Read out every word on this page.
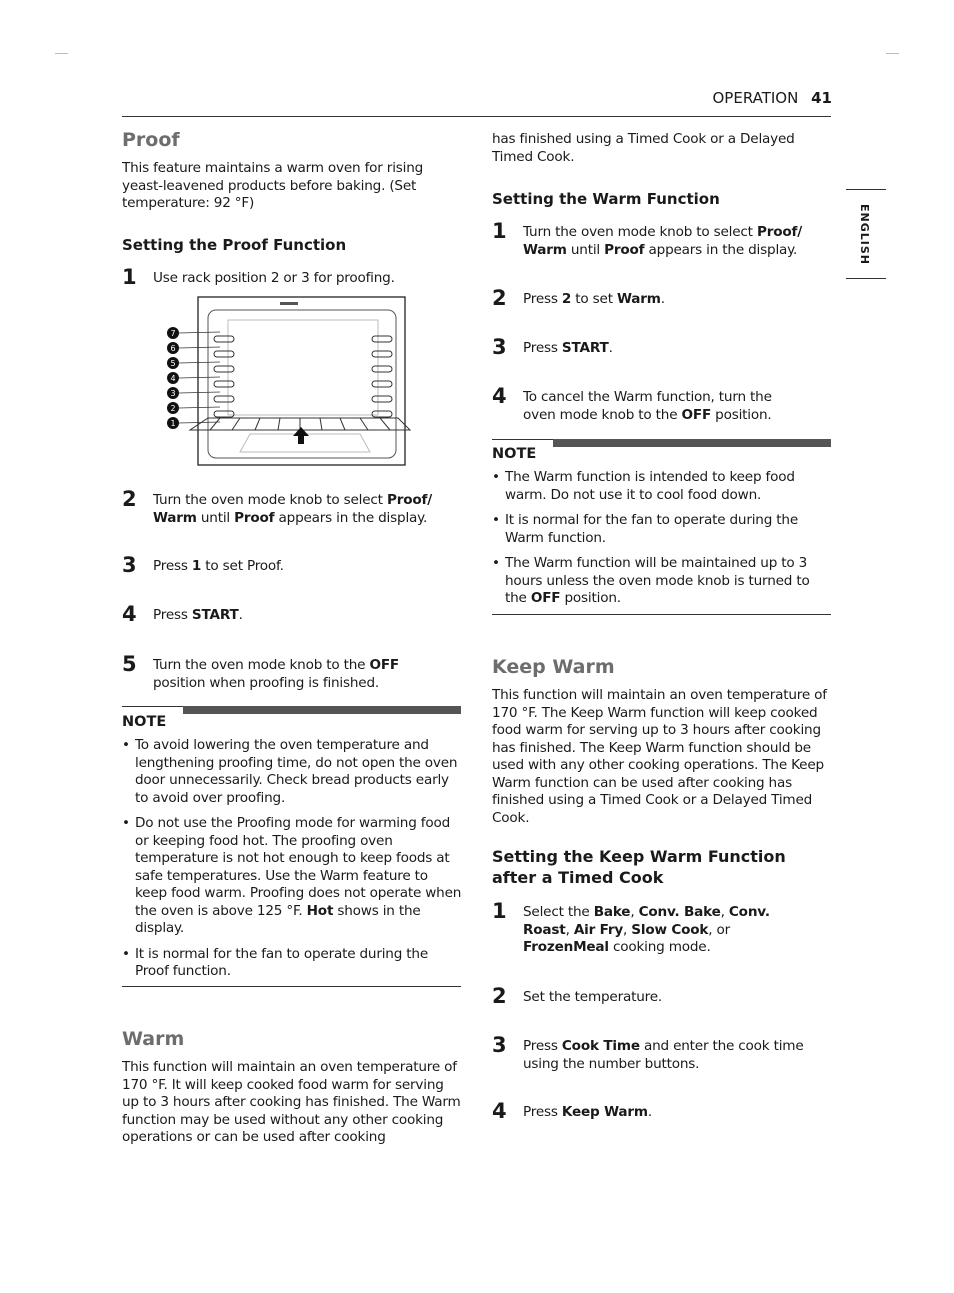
OPERATION 41
ENGLISH
Proof
This feature maintains a warm oven for rising yeast-leavened products before baking. (Set temperature: 92 °F)
Setting the Proof Function
1 Use rack position 2 or 3 for proofing.
7
6
5
4
3
2
1
2 Turn the oven mode knob to select Proof/ Warm until Proof appears in the display.
3 Press 1 to set Proof.
4 Press START.
5 Turn the oven mode knob to the OFF position when proofing is finished.
NOTE
• To avoid lowering the oven temperature and lengthening proofing time, do not open the oven door unnecessarily. Check bread products early to avoid over proofing.
• Do not use the Proofing mode for warming food or keeping food hot. The proofing oven temperature is not hot enough to keep foods at safe temperatures. Use the Warm feature to keep food warm. Proofing does not operate when the oven is above 125 °F. Hot shows in the display.
• It is normal for the fan to operate during the Proof function.
Warm
This function will maintain an oven temperature of 170 °F. It will keep cooked food warm for serving up to 3 hours after cooking has finished. The Warm function may be used without any other cooking operations or can be used after cooking
has finished using a Timed Cook or a Delayed Timed Cook.
Setting the Warm Function
1 Turn the oven mode knob to select Proof/ Warm until Proof appears in the display.
2 Press 2 to set Warm.
3 Press START.
4 To cancel the Warm function, turn the oven mode knob to the OFF position.
NOTE
• The Warm function is intended to keep food warm. Do not use it to cool food down.
• It is normal for the fan to operate during the Warm function.
• The Warm function will be maintained up to 3 hours unless the oven mode knob is turned to the OFF position.
Keep Warm
This function will maintain an oven temperature of 170 °F. The Keep Warm function will keep cooked food warm for serving up to 3 hours after cooking has finished. The Keep Warm function should be used with any other cooking operations. The Keep Warm function can be used after cooking has finished using a Timed Cook or a Delayed Timed Cook.
Setting the Keep Warm Function after a Timed Cook
1 Select the Bake, Conv. Bake, Conv. Roast, Air Fry, Slow Cook, or FrozenMeal cooking mode.
2 Set the temperature.
3 Press Cook Time and enter the cook time using the number buttons.
4 Press Keep Warm.
